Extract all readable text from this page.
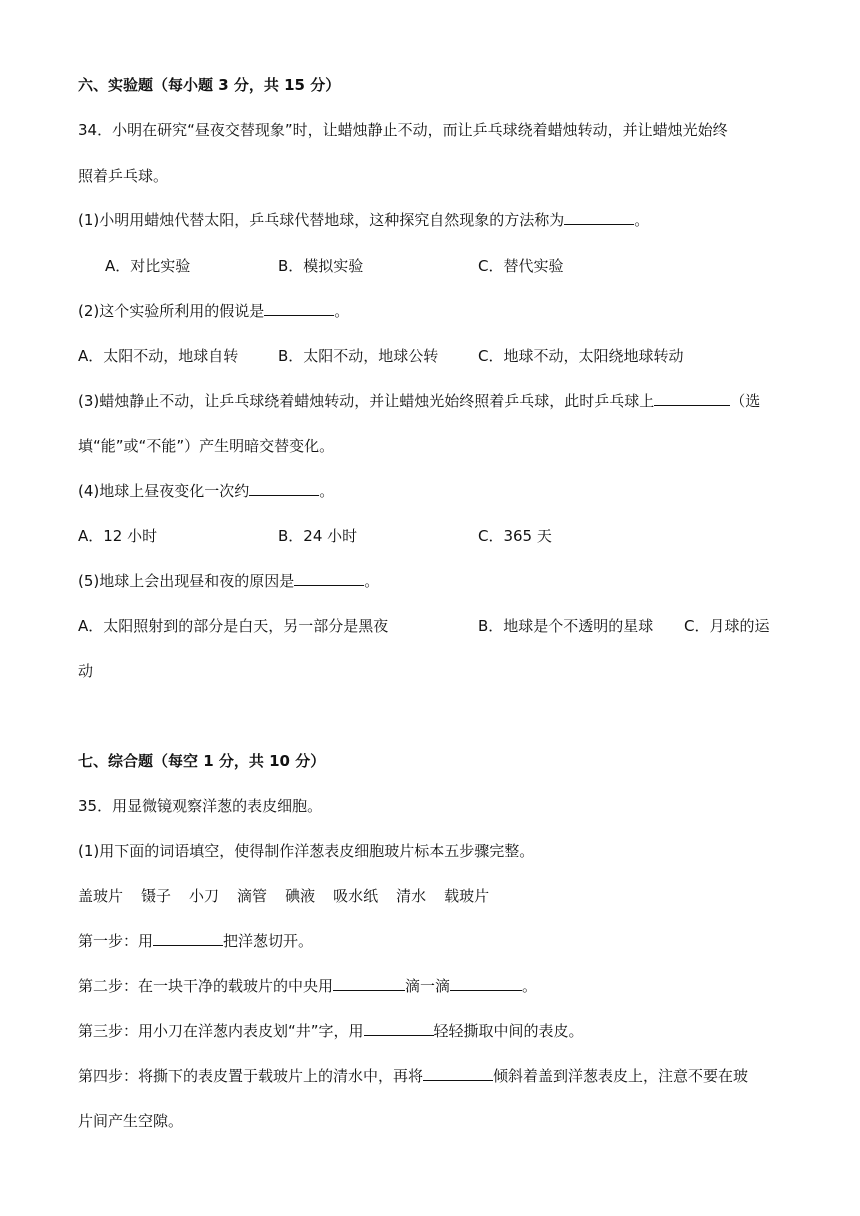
六、实验题（每小题 3 分，共 15 分）
34．小明在研究“昼夜交替现象”时，让蜡烛静止不动，而让乒乓球绕着蜡烛转动，并让蜡烛光始终
照着乒乓球。
(1)小明用蜡烛代替太阳，乒乓球代替地球，这种探究自然现象的方法称为	。
A．对比实验	B．模拟实验	C．替代实验
(2)这个实验所利用的假说是	。
A．太阳不动，地球自转	B．太阳不动，地球公转	C．地球不动，太阳绕地球转动
(3)蜡烛静止不动，让乒乓球绕着蜡烛转动，并让蜡烛光始终照着乒乓球，此时乒乓球上	（选
填“能”或“不能”）产生明暗交替变化。
(4)地球上昼夜变化一次约	。
A．12 小时	B．24 小时	C．365 天
(5)地球上会出现昼和夜的原因是	。
A．太阳照射到的部分是白天，另一部分是黑夜	B．地球是个不透明的星球 C．月球的运
动
七、综合题（每空 1 分，共 10 分）
35．用显微镜观察洋葱的表皮细胞。
(1)用下面的词语填空，使得制作洋葱表皮细胞玻片标本五步骤完整。
盖玻片 镊子 小刀 滴管 碘液 吸水纸 清水 载玻片
第一步：用	把洋葱切开。
第二步：在一块干净的载玻片的中央用	滴一滴	。
第三步：用小刀在洋葱内表皮划“井”字，用	轻轻撕取中间的表皮。
第四步：将撕下的表皮置于载玻片上的清水中，再将	倾斜着盖到洋葱表皮上，注意不要在玻
片间产生空隙。
